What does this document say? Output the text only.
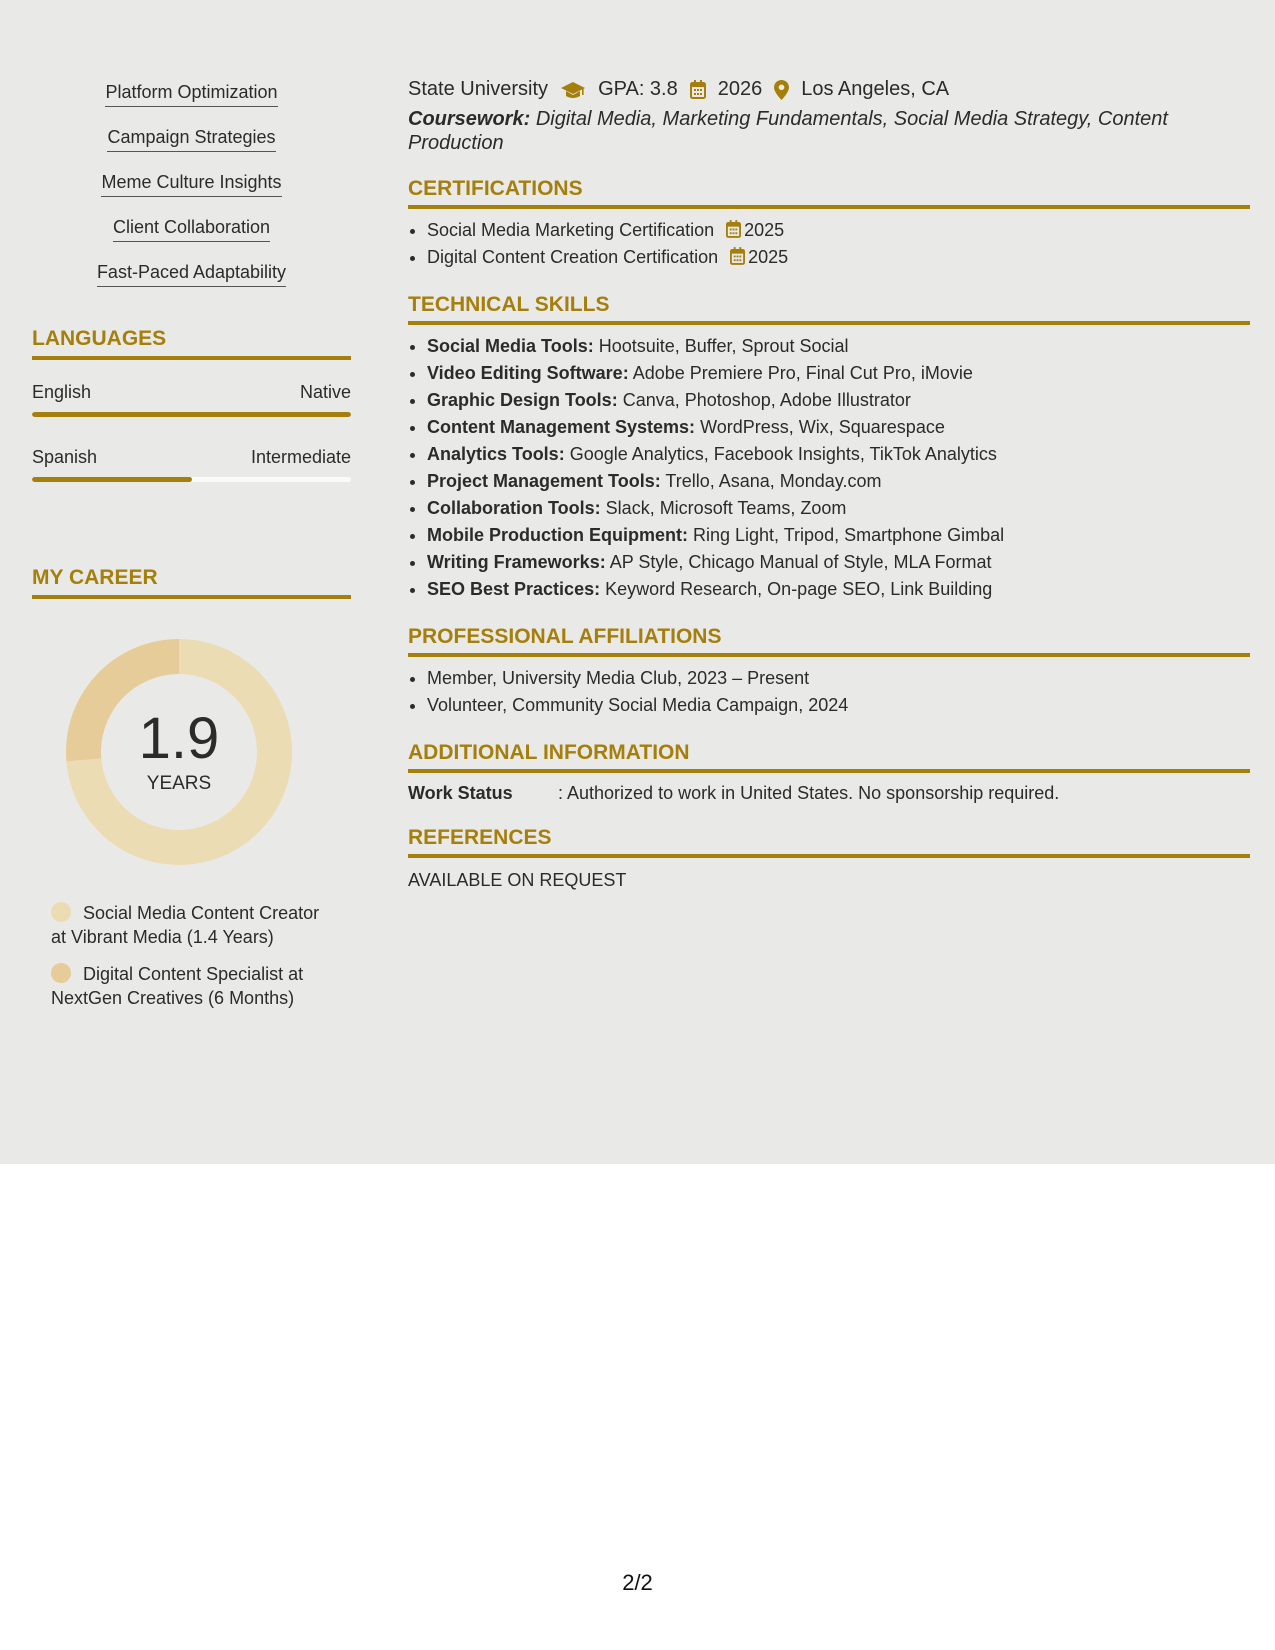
Platform Optimization
Campaign Strategies
Meme Culture Insights
Client Collaboration
Fast-Paced Adaptability
LANGUAGES
English	Native
Spanish	Intermediate
MY CAREER
1.9
YEARS
Social Media Content Creator at Vibrant Media (1.4 Years)
Digital Content Specialist at NextGen Creatives (6 Months)
State University	GPA: 3.8 2026 Los Angeles, CA
Coursework: Digital Media, Marketing Fundamentals, Social Media Strategy, Content Production
CERTIFICATIONS
• Social Media Marketing Certification 2025
• Digital Content Creation Certification 2025
TECHNICAL SKILLS
• Social Media Tools: Hootsuite, Buffer, Sprout Social
• Video Editing Software: Adobe Premiere Pro, Final Cut Pro, iMovie
• Graphic Design Tools: Canva, Photoshop, Adobe Illustrator
• Content Management Systems: WordPress, Wix, Squarespace
• Analytics Tools: Google Analytics, Facebook Insights, TikTok Analytics
• Project Management Tools: Trello, Asana, Monday.com
• Collaboration Tools: Slack, Microsoft Teams, Zoom
• Mobile Production Equipment: Ring Light, Tripod, Smartphone Gimbal
• Writing Frameworks: AP Style, Chicago Manual of Style, MLA Format
• SEO Best Practices: Keyword Research, On-page SEO, Link Building
PROFESSIONAL AFFILIATIONS
• Member, University Media Club, 2023 – Present
• Volunteer, Community Social Media Campaign, 2024
ADDITIONAL INFORMATION
Work Status	: Authorized to work in United States. No sponsorship required.
REFERENCES
AVAILABLE ON REQUEST
2/2
